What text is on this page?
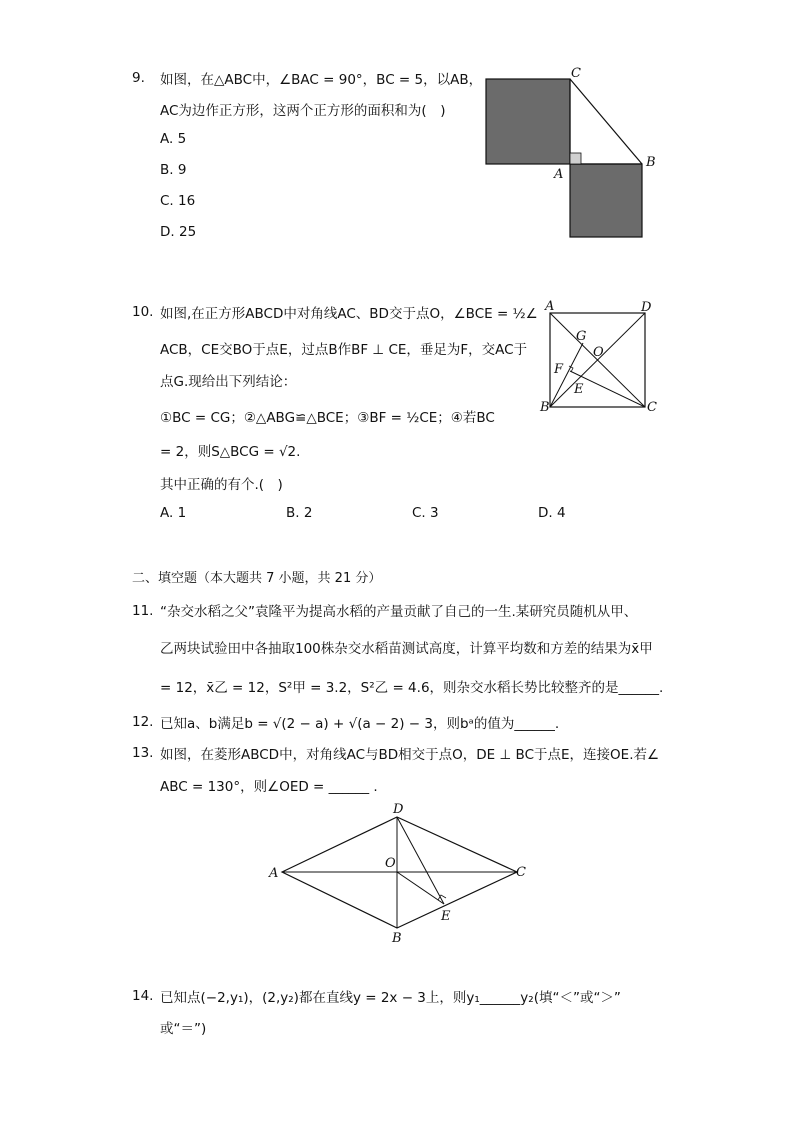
9. 如图，在△ABC中，∠BAC = 90°，BC = 5，以AB，
AC为边作正方形，这两个正方形的面积和为(　)
A. 5
B. 9
C. 16
D. 25
C
B
A
10. 如图,在正方形ABCD中对角线AC、BD交于点O，∠BCE = ½∠
ACB，CE交BO于点E，过点B作BF ⊥ CE，垂足为F，交AC于
点G.现给出下列结论：
①BC = CG；②△ABG≌△BCE；③BF = ½CE；④若BC
= 2，则S△BCG = √2.
其中正确的有个.(　)
A. 1	B. 2	C. 3	D. 4
A	D
B	C
G
O
F
E
二、填空题（本大题共 7 小题，共 21 分）
11. “杂交水稻之父”袁隆平为提高水稻的产量贡献了自己的一生.某研究员随机从甲、
乙两块试验田中各抽取100株杂交水稻苗测试高度，计算平均数和方差的结果为x̄甲
= 12，x̄乙 = 12，S²甲 = 3.2，S²乙 = 4.6，则杂交水稻长势比较整齐的是______.
12. 已知a、b满足b = √(2 − a) + √(a − 2) − 3，则bᵃ的值为______.
13. 如图，在菱形ABCD中，对角线AC与BD相交于点O，DE ⊥ BC于点E，连接OE.若∠
ABC = 130°，则∠OED = ______ .
A
D
C
B
O
E
14. 已知点(−2,y₁)，(2,y₂)都在直线y = 2x − 3上，则y₁______y₂(填“＜”或“＞”
或“＝”)
